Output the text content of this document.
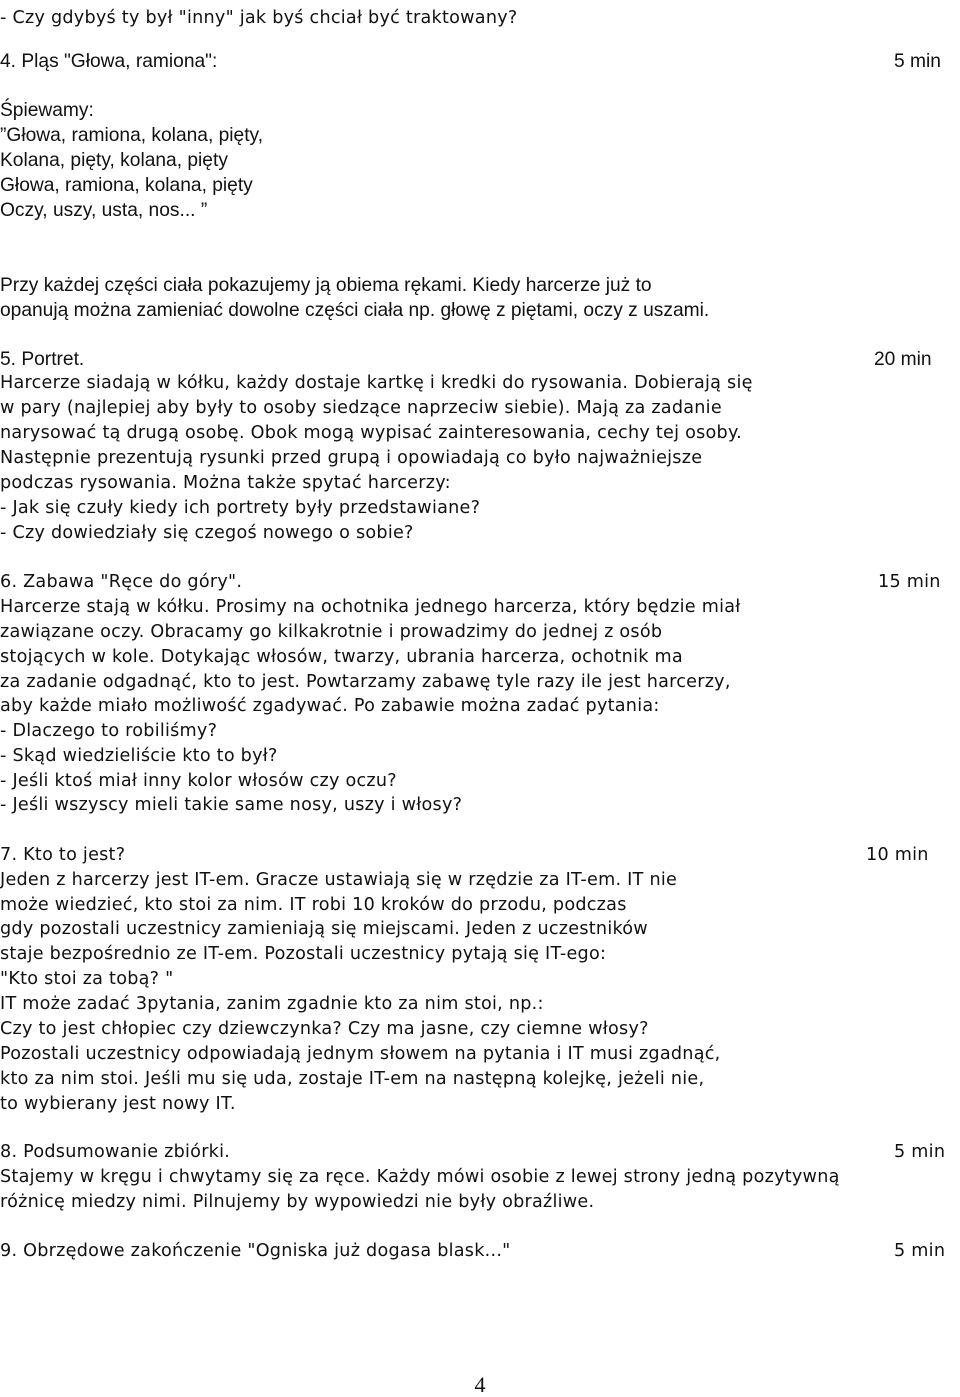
- Czy gdybyś ty był "inny" jak byś chciał być traktowany?

4. Pląs "Głowa, ramiona":

Śpiewamy:

”Głowa, ramiona, kolana, pięty,

Kolana, pięty, kolana, pięty

Głowa, ramiona, kolana, pięty

Oczy, uszy, usta, nos... ”

Przy każdej części ciała pokazujemy ją obiema rękami. Kiedy harcerze już to

opanują można zamieniać dowolne części ciała np. głowę z piętami, oczy z uszami.

5. Portret.

Harcerze siadają w kółku, każdy dostaje kartkę i kredki do rysowania. Dobierają się

w pary (najlepiej aby były to osoby siedzące naprzeciw siebie). Mają za zadanie

narysować tą drugą osobę. Obok mogą wypisać zainteresowania, cechy tej osoby.

Następnie prezentują rysunki przed grupą i opowiadają co było najważniejsze

podczas rysowania. Można także spytać harcerzy:

- Jak się czuły kiedy ich portrety były przedstawiane?

- Czy dowiedziały się czegoś nowego o sobie?

6. Zabawa "Ręce do góry".

Harcerze stają w kółku. Prosimy na ochotnika jednego harcerza, który będzie miał

zawiązane oczy. Obracamy go kilkakrotnie i prowadzimy do jednej z osób

stojących w kole. Dotykając włosów, twarzy, ubrania harcerza, ochotnik ma

za zadanie odgadnąć, kto to jest. Powtarzamy zabawę tyle razy ile jest harcerzy,

aby każde miało możliwość zgadywać. Po zabawie można zadać pytania:

- Dlaczego to robiliśmy?

- Skąd wiedzieliście kto to był?

- Jeśli ktoś miał inny kolor włosów czy oczu?

- Jeśli wszyscy mieli takie same nosy, uszy i włosy?

7. Kto to jest?

Jeden z harcerzy jest IT-em. Gracze ustawiają się w rzędzie za IT-em. IT nie

może wiedzieć, kto stoi za nim. IT robi 10 kroków do przodu, podczas

gdy pozostali uczestnicy zamieniają się miejscami. Jeden z uczestników

staje bezpośrednio ze IT-em. Pozostali uczestnicy pytają się IT-ego:

"Kto stoi za tobą? "

IT może zadać 3pytania, zanim zgadnie kto za nim stoi, np.:

Czy to jest chłopiec czy dziewczynka? Czy ma jasne, czy ciemne włosy?

Pozostali uczestnicy odpowiadają jednym słowem na pytania i IT musi zgadnąć,

kto za nim stoi. Jeśli mu się uda, zostaje IT-em na następną kolejkę, jeżeli nie,

to wybierany jest nowy IT.

8. Podsumowanie zbiórki.

Stajemy w kręgu i chwytamy się za ręce. Każdy mówi osobie z lewej strony jedną pozytywną

różnicę miedzy nimi. Pilnujemy by wypowiedzi nie były obraźliwe.

9. Obrzędowe zakończenie "Ogniska już dogasa blask..."

5 min

20 min

15 min

10 min

5 min

5 min

4
